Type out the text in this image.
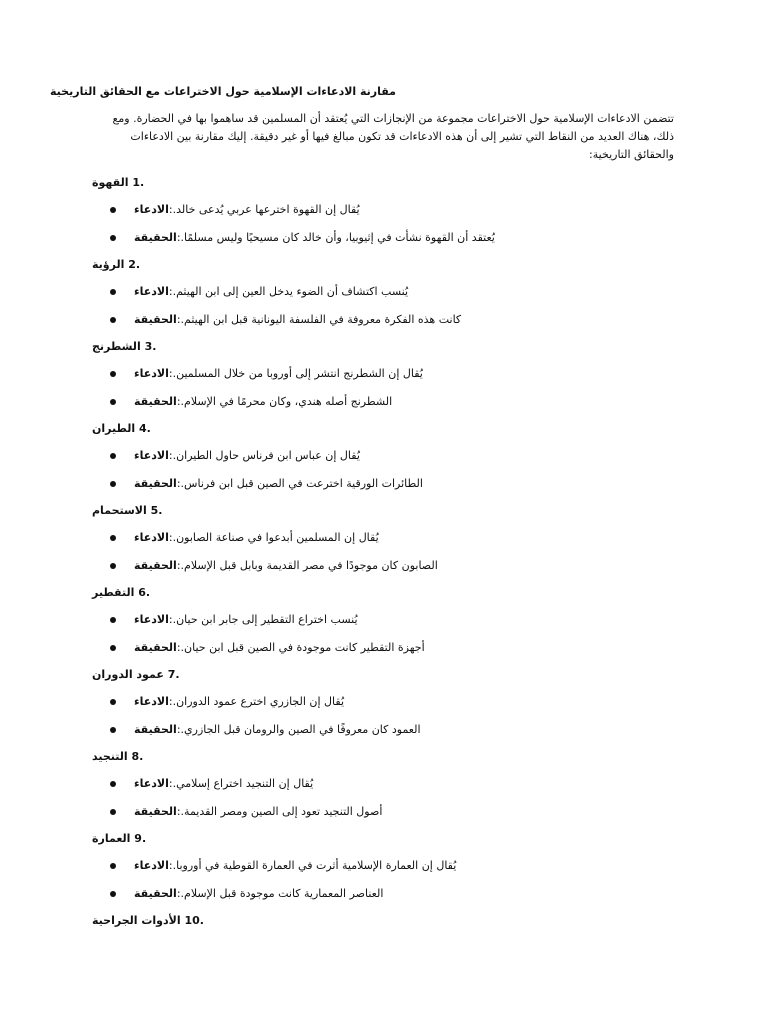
مقارنة الادعاءات الإسلامية حول الاختراعات مع الحقائق التاريخية

تتضمن الادعاءات الإسلامية حول الاختراعات مجموعة من الإنجازات التي يُعتقد أن المسلمين قد ساهموا بها في الحضارة. ومع ذلك، هناك العديد من النقاط التي تشير إلى أن هذه الادعاءات قد تكون مبالغ فيها أو غير دقيقة. إليك مقارنة بين الادعاءات والحقائق التاريخية:

القهوة 1.
الادعاء:يُقال إن القهوة اخترعها عربي يُدعى خالد.
الحقيقة:يُعتقد أن القهوة نشأت في إثيوبيا، وأن خالد كان مسيحيًا وليس مسلمًا.
الرؤية 2.
الادعاء:يُنسب اكتشاف أن الضوء يدخل العين إلى ابن الهيثم.
الحقيقة:كانت هذه الفكرة معروفة في الفلسفة اليونانية قبل ابن الهيثم.
الشطرنج 3.
الادعاء:يُقال إن الشطرنج انتشر إلى أوروبا من خلال المسلمين.
الحقيقة:الشطرنج أصله هندي، وكان محرمًا في الإسلام.
الطيران 4.
الادعاء:يُقال إن عباس ابن فرناس حاول الطيران.
الحقيقة:الطائرات الورقية اخترعت في الصين قبل ابن فرناس.
الاستحمام 5.
الادعاء:يُقال إن المسلمين أبدعوا في صناعة الصابون.
الحقيقة:الصابون كان موجودًا في مصر القديمة وبابل قبل الإسلام.
التقطير 6.
الادعاء:يُنسب اختراع التقطير إلى جابر ابن حيان.
الحقيقة:أجهزة التقطير كانت موجودة في الصين قبل ابن حيان.
عمود الدوران 7.
الادعاء:يُقال إن الجازري اخترع عمود الدوران.
الحقيقة:العمود كان معروفًا في الصين والرومان قبل الجازري.
التنجيد 8.
الادعاء:يُقال إن التنجيد اختراع إسلامي.
الحقيقة:أصول التنجيد تعود إلى الصين ومصر القديمة.
العمارة 9.
الادعاء:يُقال إن العمارة الإسلامية أثرت في العمارة القوطية في أوروبا.
الحقيقة:العناصر المعمارية كانت موجودة قبل الإسلام.
الأدوات الجراحية 10.
